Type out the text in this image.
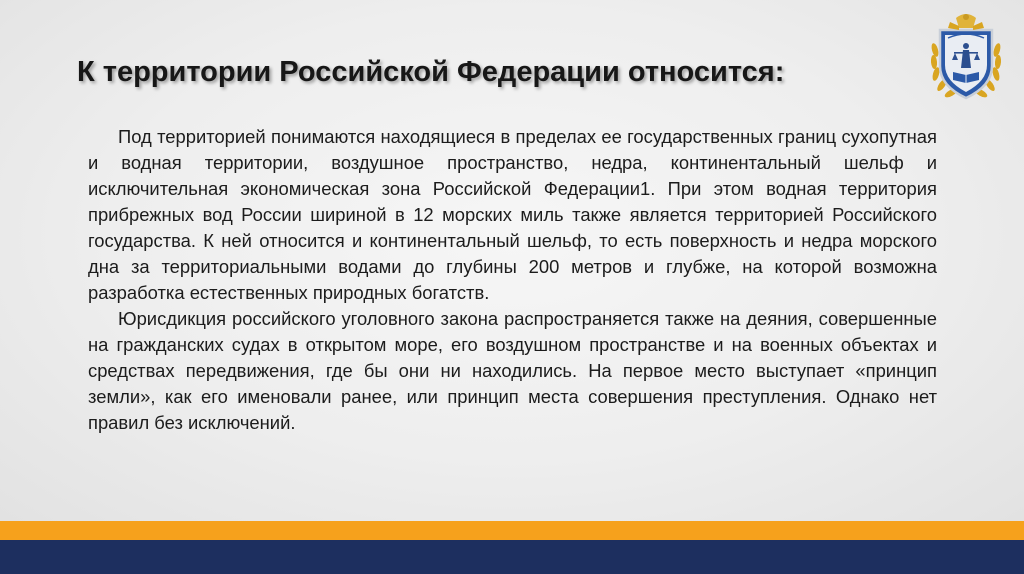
К территории Российской Федерации относится:

Под территорией понимаются находящиеся в пределах ее государственных границ сухопутная и водная территории, воздушное пространство, недра, континентальный шельф и исключительная экономическая зона Российской Федерации1. При этом водная территория прибрежных вод России шириной в 12 морских миль также является территорией Российского государства. К ней относится и континентальный шельф, то есть поверхность и недра морского дна за территориальными водами до глубины 200 метров и глубже, на которой возможна разработка естественных природных богатств.

Юрисдикция российского уголовного закона распространяется также на деяния, совершенные на гражданских судах в открытом море, его воздушном пространстве и на военных объектах и средствах передвижения, где бы они ни находились. На первое место выступает «принцип земли», как его именовали ранее, или принцип места совершения преступления. Однако нет правил без исключений.
